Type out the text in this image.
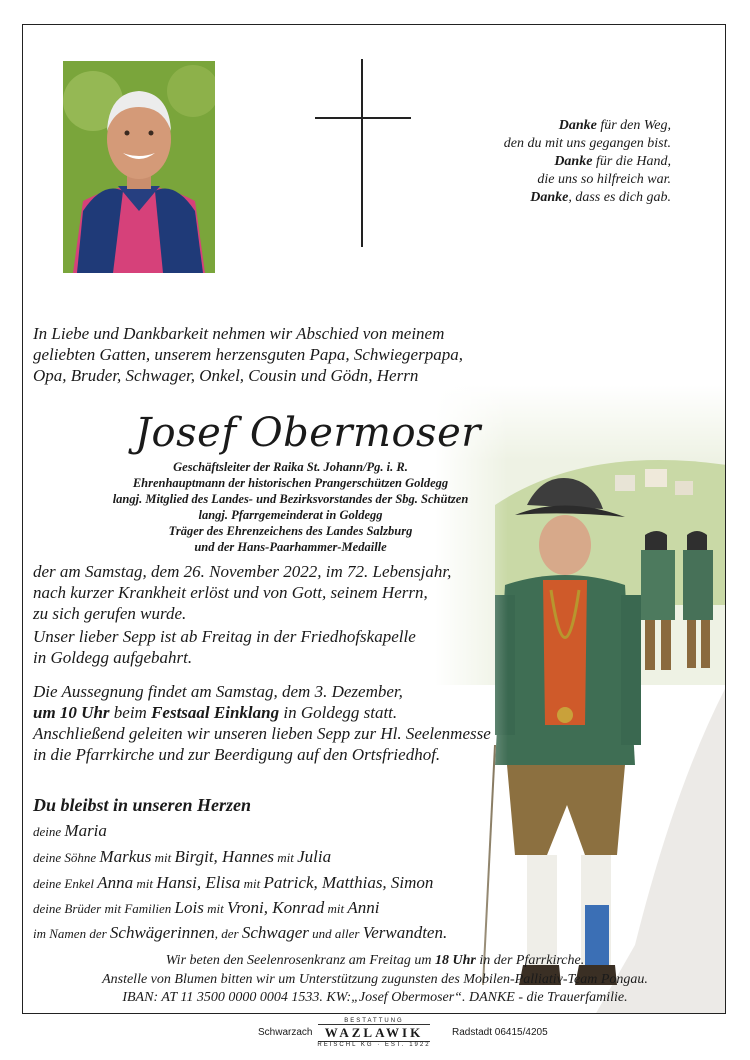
Danke für den Weg,
den du mit uns gegangen bist.
Danke für die Hand,
die uns so hilfreich war.
Danke, dass es dich gab.
In Liebe und Dankbarkeit nehmen wir Abschied von meinem
geliebten Gatten, unserem herzensguten Papa, Schwiegerpapa,
Opa, Bruder, Schwager, Onkel, Cousin und Gödn, Herrn
Josef Obermoser
Geschäftsleiter der Raika St. Johann/Pg. i. R.
Ehrenhauptmann der historischen Prangerschützen Goldegg
langj. Mitglied des Landes- und Bezirksvorstandes der Sbg. Schützen
langj. Pfarrgemeinderat in Goldegg
Träger des Ehrenzeichens des Landes Salzburg
und der Hans-Paarhammer-Medaille
der am Samstag, dem 26. November 2022, im 72. Lebensjahr,
nach kurzer Krankheit erlöst und von Gott, seinem Herrn,
zu sich gerufen wurde.
Unser lieber Sepp ist ab Freitag in der Friedhofskapelle
in Goldegg aufgebahrt.
Die Aussegnung findet am Samstag, dem 3. Dezember,
um 10 Uhr beim Festsaal Einklang in Goldegg statt.
Anschließend geleiten wir unseren lieben Sepp zur Hl. Seelenmesse
in die Pfarrkirche und zur Beerdigung auf den Ortsfriedhof.
Du bleibst in unseren Herzen
deine Maria
deine Söhne Markus mit Birgit, Hannes mit Julia
deine Enkel Anna mit Hansi, Elisa mit Patrick, Matthias, Simon
deine Brüder mit Familien Lois mit Vroni, Konrad mit Anni
im Namen der Schwägerinnen, der Schwager und aller Verwandten.
Wir beten den Seelenrosenkranz am Freitag um 18 Uhr in der Pfarrkirche.
Anstelle von Blumen bitten wir um Unterstützung zugunsten des Mobilen-Palliativ-Team Pongau.
IBAN: AT 11 3500 0000 0004 1533. KW:„Josef Obermoser“. DANKE - die Trauerfamilie.
Schwarzach
BESTATTUNG
WAZLAWIK
REISCHL KG · EST. 1922
Radstadt 06415/4205
